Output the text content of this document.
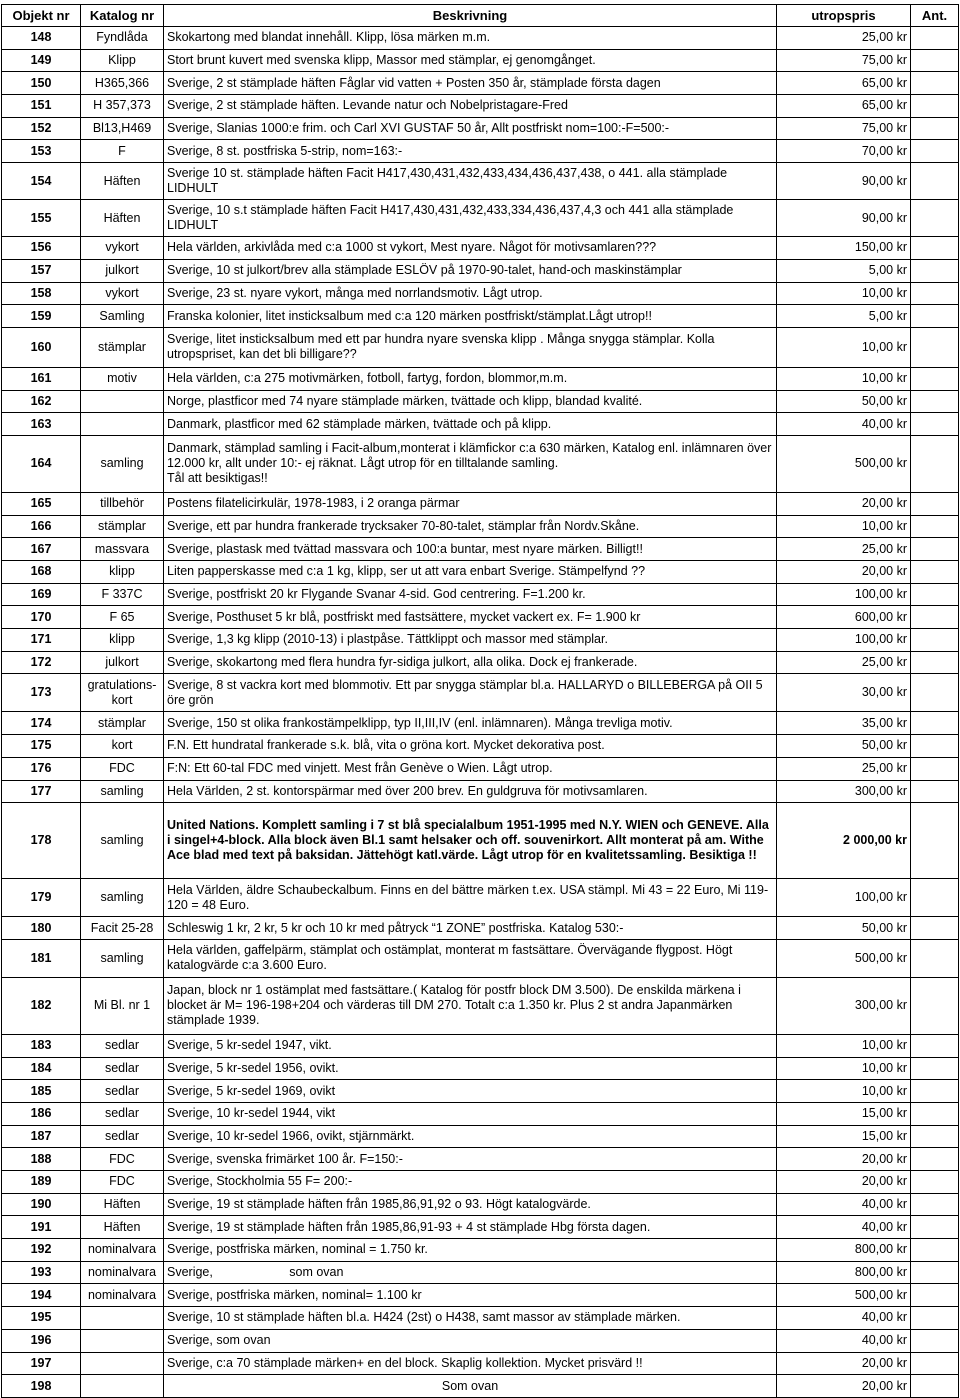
Objekt nr	Katalog nr	Beskrivning	utropspris	Ant.
148	Fyndlåda	Skokartong med blandat innehåll. Klipp, lösa märken m.m.	25,00 kr	
149	Klipp	Stort brunt kuvert med svenska klipp, Massor med stämplar, ej genomgånget.	75,00 kr	
150	H365,366	Sverige, 2 st stämplade häften Fåglar vid vatten + Posten 350 år, stämplade första dagen	65,00 kr	
151	H 357,373	Sverige, 2 st stämplade häften. Levande natur och Nobelpristagare-Fred	65,00 kr	
152	Bl13,H469	Sverige, Slanias 1000:e frim. och Carl XVI GUSTAF 50 år, Allt postfriskt nom=100:-F=500:-	75,00 kr	
153	F	Sverige, 8 st. postfriska 5-strip, nom=163:-	70,00 kr	
154	Häften	Sverige 10 st. stämplade häften Facit H417,430,431,432,433,434,436,437,438, o 441. alla stämplade LIDHULT	90,00 kr	
155	Häften	Sverige, 10 s.t stämplade häften Facit H417,430,431,432,433,334,436,437,4,3 och 441 alla stämplade LIDHULT	90,00 kr	
156	vykort	Hela världen, arkivlåda med c:a 1000 st vykort, Mest nyare. Något för motivsamlaren???	150,00 kr	
157	julkort	Sverige, 10 st julkort/brev alla stämplade ESLÖV på 1970-90-talet, hand-och maskinstämplar	5,00 kr	
158	vykort	Sverige, 23 st. nyare vykort, många med norrlandsmotiv. Lågt utrop.	10,00 kr	
159	Samling	Franska kolonier, litet insticksalbum med c:a 120 märken postfriskt/stämplat.Lågt utrop!!	5,00 kr	
160	stämplar	Sverige, litet insticksalbum med ett par hundra nyare svenska klipp . Många snygga stämplar. Kolla utropspriset, kan det bli billigare??	10,00 kr	
161	motiv	Hela världen, c:a 275 motivmärken, fotboll, fartyg, fordon, blommor,m.m.	10,00 kr	
162		Norge, plastficor med 74 nyare stämplade märken, tvättade och klipp, blandad kvalité.	50,00 kr	
163		Danmark, plastficor med 62 stämplade märken, tvättade och på klipp.	40,00 kr	
164	samling	Danmark, stämplad samling i Facit-album,monterat i klämfickor c:a 630 märken, Katalog enl. inlämnaren över 12.000 kr, allt under 10:- ej räknat. Lågt utrop för en tilltalande samling.
Tål att besiktigas!!	500,00 kr	
165	tillbehör	Postens filatelicirkulär, 1978-1983, i 2 oranga pärmar	20,00 kr	
166	stämplar	Sverige, ett par hundra frankerade trycksaker 70-80-talet, stämplar från Nordv.Skåne.	10,00 kr	
167	massvara	Sverige, plastask med tvättad massvara och 100:a buntar, mest nyare märken. Billigt!!	25,00 kr	
168	klipp	Liten papperskasse med c:a 1 kg, klipp, ser ut att vara enbart Sverige. Stämpelfynd ??	20,00 kr	
169	F 337C	Sverige, postfriskt 20 kr Flygande Svanar 4-sid. God centrering. F=1.200 kr.	100,00 kr	
170	F 65	Sverige, Posthuset 5 kr blå, postfriskt med fastsättere, mycket vackert ex. F= 1.900 kr	600,00 kr	
171	klipp	Sverige, 1,3 kg klipp (2010-13) i plastpåse. Tättklippt och massor med stämplar.	100,00 kr	
172	julkort	Sverige, skokartong med flera hundra fyr-sidiga julkort, alla olika. Dock ej frankerade.	25,00 kr	
173	gratulations-kort	Sverige, 8 st vackra kort med blommotiv. Ett par snygga stämplar bl.a. HALLARYD o BILLEBERGA på OII 5 öre grön	30,00 kr	
174	stämplar	Sverige, 150 st olika frankostämpelklipp, typ II,III,IV (enl. inlämnaren). Många trevliga motiv.	35,00 kr	
175	kort	F.N. Ett hundratal frankerade s.k. blå, vita o gröna kort. Mycket dekorativa post.	50,00 kr	
176	FDC	F:N: Ett 60-tal FDC med vinjett. Mest från Genève o Wien. Lågt utrop.	25,00 kr	
177	samling	Hela Världen, 2 st. kontorspärmar med över 200 brev. En guldgruva för motivsamlaren.	300,00 kr	
178	samling	United Nations. Komplett samling i 7 st blå specialalbum 1951-1995 med N.Y. WIEN och GENEVE. Alla i singel+4-block. Alla block även Bl.1 samt helsaker och off. souvenirkort. Allt monterat på am. Withe Ace blad med text på baksidan. Jättehögt katl.värde. Lågt utrop för en kvalitetssamling. Besiktiga !!	2 000,00 kr	
179	samling	Hela Världen, äldre Schaubeckalbum. Finns en del bättre märken t.ex. USA stämpl. Mi 43 = 22 Euro, Mi 119-120 = 48 Euro.	100,00 kr	
180	Facit 25-28	Schleswig 1 kr, 2 kr, 5 kr och 10 kr med påtryck “1 ZONE” postfriska. Katalog 530:-	50,00 kr	
181	samling	Hela världen, gaffelpärm, stämplat och ostämplat, monterat m fastsättare. Övervägande flygpost. Högt katalogvärde c:a 3.600 Euro.	500,00 kr	
182	Mi Bl. nr 1	Japan, block nr 1 ostämplat med fastsättare.( Katalog för postfr block DM 3.500). De enskilda märkena i blocket är M= 196-198+204 och värderas till DM 270. Totalt c:a 1.350 kr. Plus 2 st andra Japanmärken stämplade 1939.	300,00 kr	
183	sedlar	Sverige, 5 kr-sedel 1947, vikt.	10,00 kr	
184	sedlar	Sverige, 5 kr-sedel 1956, ovikt.	10,00 kr	
185	sedlar	Sverige, 5 kr-sedel 1969, ovikt	10,00 kr	
186	sedlar	Sverige, 10 kr-sedel 1944, vikt	15,00 kr	
187	sedlar	Sverige, 10 kr-sedel 1966, ovikt, stjärnmärkt.	15,00 kr	
188	FDC	Sverige, svenska frimärket 100 år. F=150:-	20,00 kr	
189	FDC	Sverige, Stockholmia 55 F= 200:-	20,00 kr	
190	Häften	Sverige, 19 st stämplade häften från 1985,86,91,92 o 93. Högt katalogvärde.	40,00 kr	
191	Häften	Sverige, 19 st stämplade häften från 1985,86,91-93 + 4 st stämplade Hbg första dagen.	40,00 kr	
192	nominalvara	Sverige, postfriska märken, nominal = 1.750 kr.	800,00 kr	
193	nominalvara	Sverige,                      som ovan	800,00 kr	
194	nominalvara	Sverige, postfriska märken, nominal= 1.100 kr	500,00 kr	
195		Sverige, 10 st stämplade häften bl.a. H424 (2st) o H438, samt massor av stämplade märken.	40,00 kr	
196		Sverige, som ovan	40,00 kr	
197		Sverige, c:a 70 stämplade märken+ en del block. Skaplig kollektion. Mycket prisvärd !!	20,00 kr	
198		Som ovan	20,00 kr	
